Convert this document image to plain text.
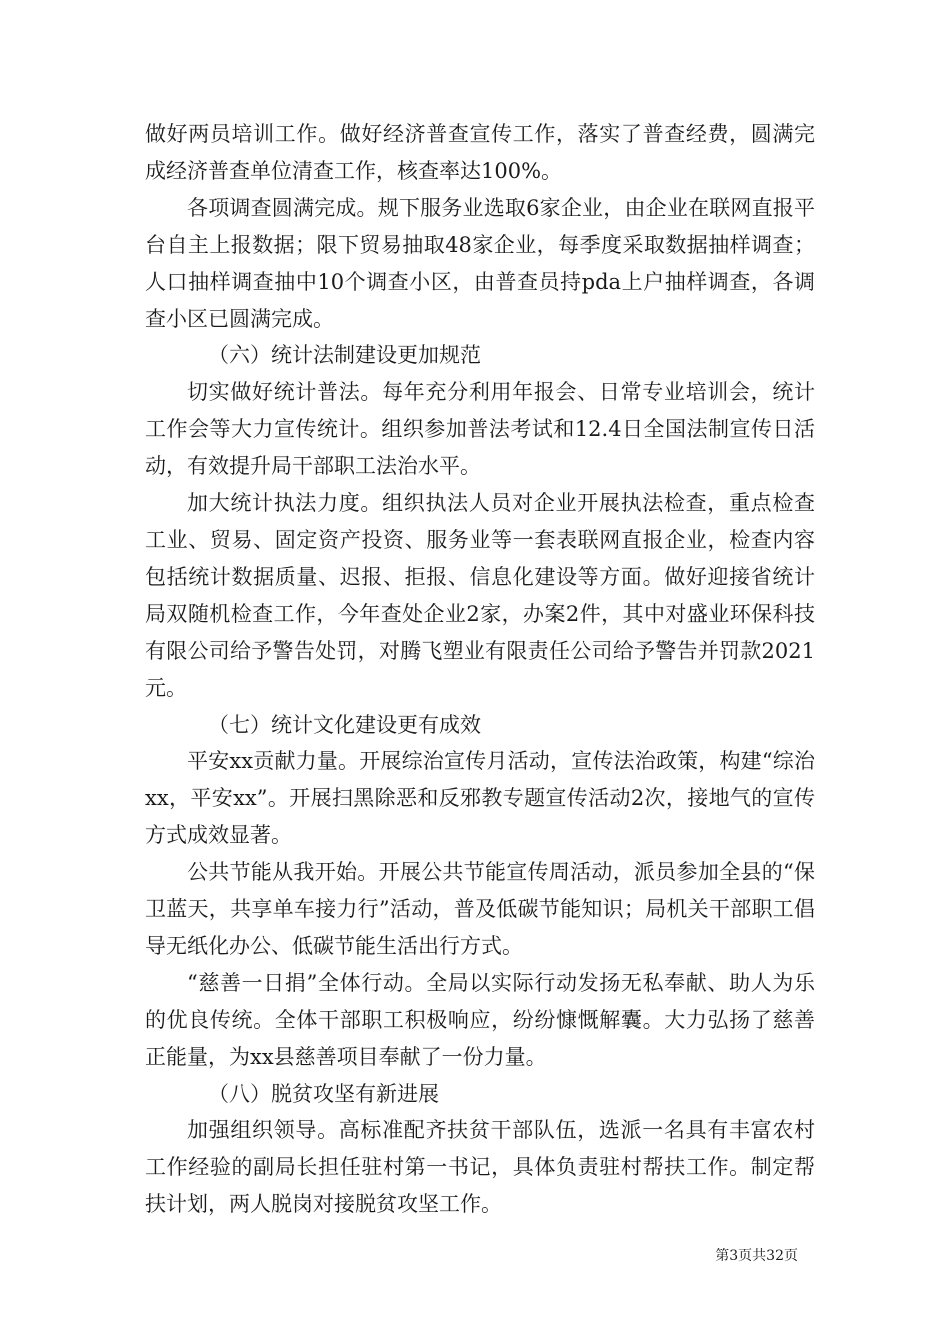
做好两员培训工作。做好经济普查宣传工作，落实了普查经费，圆满完成经济普查单位清查工作，核查率达100%。

各项调查圆满完成。规下服务业选取6家企业，由企业在联网直报平台自主上报数据；限下贸易抽取48家企业，每季度采取数据抽样调查；人口抽样调查抽中10个调查小区，由普查员持pda上户抽样调查，各调查小区已圆满完成。

（六）统计法制建设更加规范

切实做好统计普法。每年充分利用年报会、日常专业培训会，统计工作会等大力宣传统计。组织参加普法考试和12.4日全国法制宣传日活动，有效提升局干部职工法治水平。

加大统计执法力度。组织执法人员对企业开展执法检查，重点检查工业、贸易、固定资产投资、服务业等一套表联网直报企业，检查内容包括统计数据质量、迟报、拒报、信息化建设等方面。做好迎接省统计局双随机检查工作，今年查处企业2家，办案2件，其中对盛业环保科技有限公司给予警告处罚，对腾飞塑业有限责任公司给予警告并罚款2021元。

（七）统计文化建设更有成效

平安xx贡献力量。开展综治宣传月活动，宣传法治政策，构建“综治xx，平安xx”。开展扫黑除恶和反邪教专题宣传活动2次，接地气的宣传方式成效显著。

公共节能从我开始。开展公共节能宣传周活动，派员参加全县的“保卫蓝天，共享单车接力行”活动，普及低碳节能知识；局机关干部职工倡导无纸化办公、低碳节能生活出行方式。

“慈善一日捐”全体行动。全局以实际行动发扬无私奉献、助人为乐的优良传统。全体干部职工积极响应，纷纷慷慨解囊。大力弘扬了慈善正能量，为xx县慈善项目奉献了一份力量。

（八）脱贫攻坚有新进展

加强组织领导。高标准配齐扶贫干部队伍，选派一名具有丰富农村工作经验的副局长担任驻村第一书记，具体负责驻村帮扶工作。制定帮扶计划，两人脱岗对接脱贫攻坚工作。

第3页共32页
